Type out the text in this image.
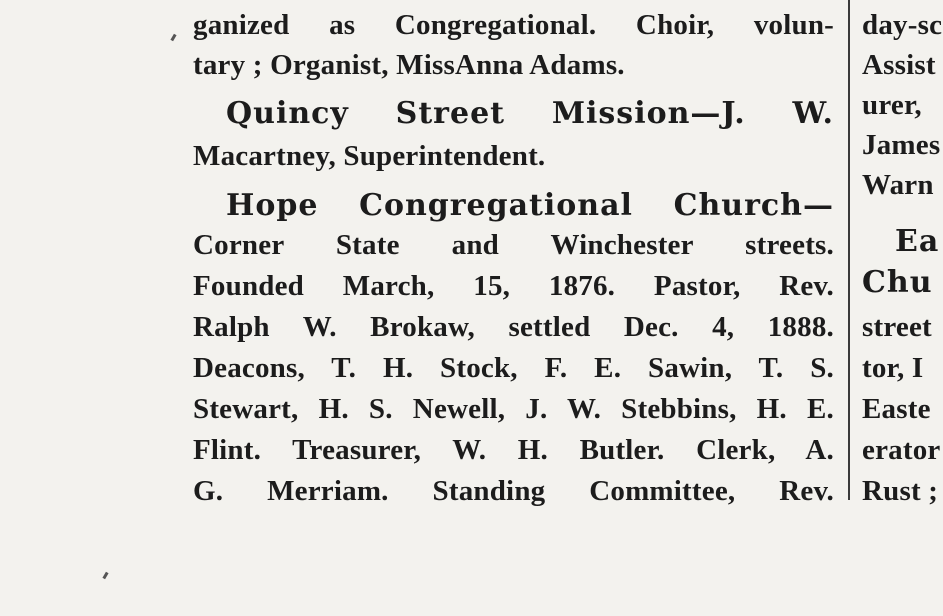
ganized as Congregational. Choir, volun-
tary ; Organist, MissAnna Adams.
Quincy Street Mission—J. W.
Macartney, Superintendent.
Hope Congregational Church—
Corner State and Winchester streets.
Founded March, 15, 1876. Pastor, Rev.
Ralph W. Brokaw, settled Dec. 4, 1888.
Deacons, T. H. Stock, F. E. Sawin, T. S.
Stewart, H. S. Newell, J. W. Stebbins, H. E.
Flint. Treasurer, W. H. Butler. Clerk, A.
G. Merriam. Standing Committee, Rev.
day-sc
Assist
urer,
James
Warn
Ea
Chu
street
tor, I
Easte
erator
Rust ;
